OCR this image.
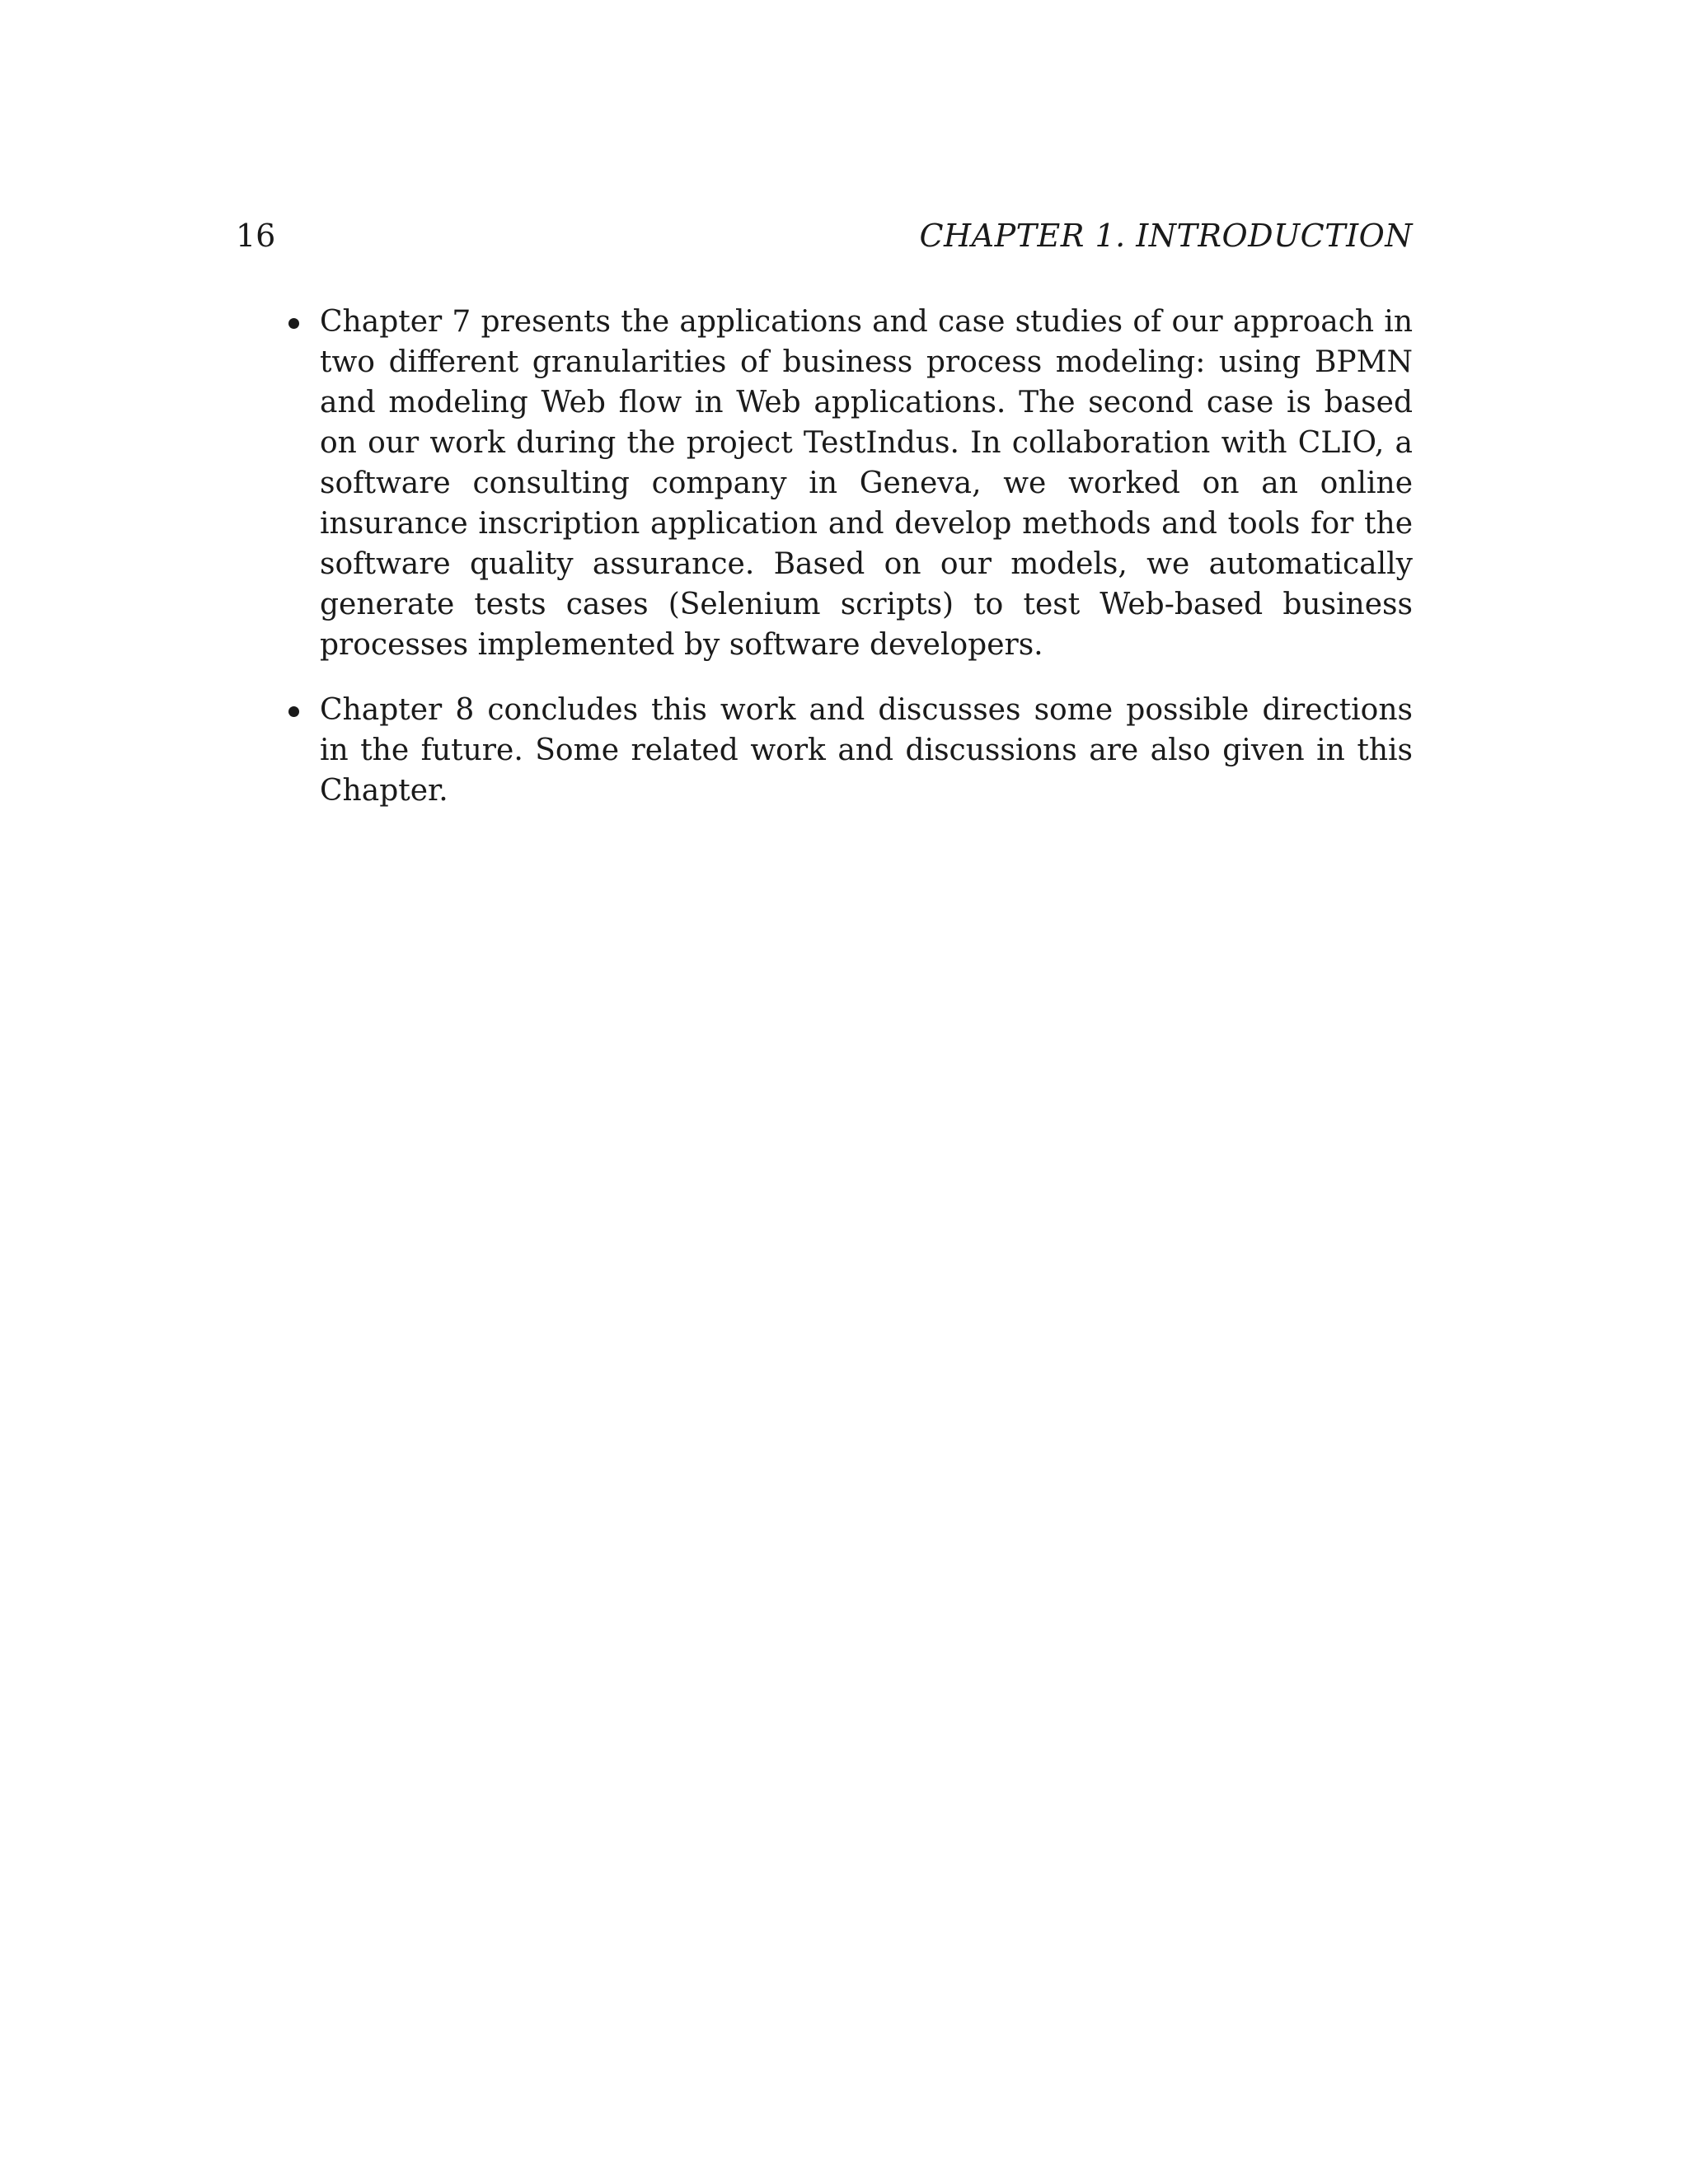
16	CHAPTER 1. INTRODUCTION
Chapter 7 presents the applications and case studies of our approach in two different granularities of business process modeling: using BPMN and modeling Web flow in Web applications. The second case is based on our work during the project TestIndus. In collaboration with CLIO, a software consulting company in Geneva, we worked on an online insurance inscription application and develop methods and tools for the software quality assurance. Based on our models, we automatically generate tests cases (Selenium scripts) to test Web-based business processes implemented by software developers.
Chapter 8 concludes this work and discusses some possible directions in the future. Some related work and discussions are also given in this Chapter.
